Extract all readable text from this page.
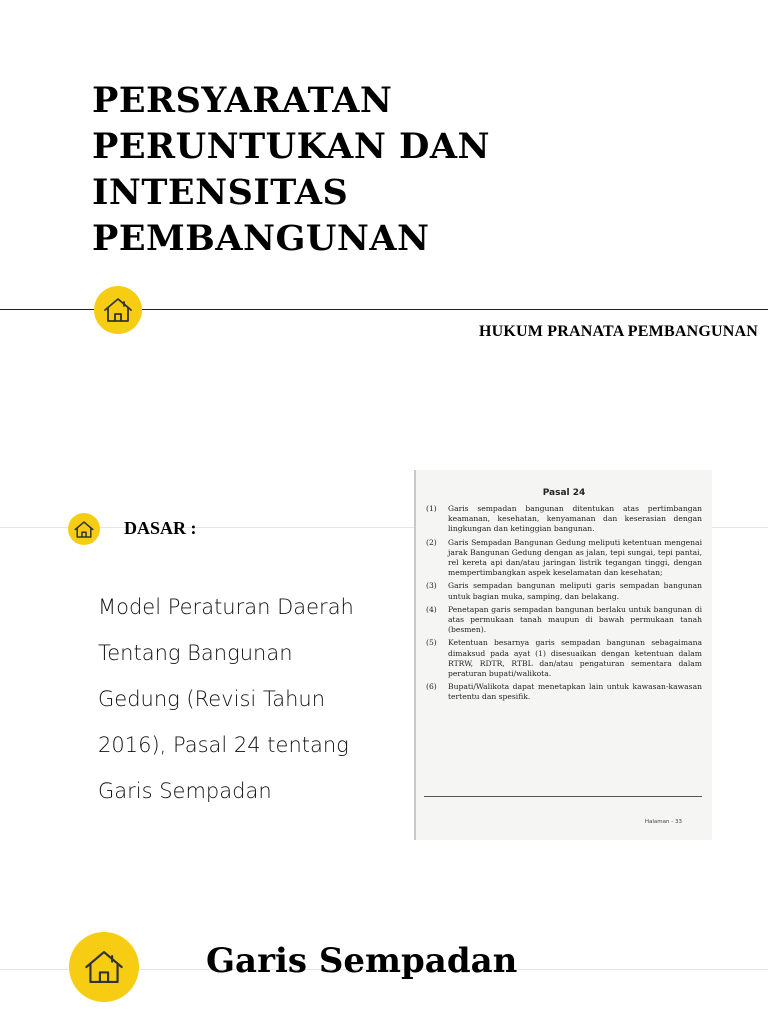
PERSYARATAN
PERUNTUKAN DAN
INTENSITAS
PEMBANGUNAN
HUKUM PRANATA PEMBANGUNAN
DASAR :
Model Peraturan Daerah
Tentang Bangunan
Gedung (Revisi Tahun
2016), Pasal 24 tentang
Garis Sempadan
Pasal 24
(1)	Garis sempadan bangunan ditentukan atas pertimbangan keamanan, kesehatan, kenyamanan dan keserasian dengan lingkungan dan ketinggian bangunan.
(2)	Garis Sempadan Bangunan Gedung meliputi ketentuan mengenai jarak Bangunan Gedung dengan as jalan, tepi sungai, tepi pantai, rel kereta api dan/atau jaringan listrik tegangan tinggi, dengan mempertimbangkan aspek keselamatan dan kesehatan;
(3)	Garis sempadan bangunan meliputi garis sempadan bangunan untuk bagian muka, samping, dan belakang.
(4)	Penetapan garis sempadan bangunan berlaku untuk bangunan di atas permukaan tanah maupun di bawah permukaan tanah (besmen).
(5)	Ketentuan besarnya garis sempadan bangunan sebagaimana dimaksud pada ayat (1) disesuaikan dengan ketentuan dalam RTRW, RDTR, RTBL dan/atau pengaturan sementara dalam peraturan bupati/walikota.
(6)	Bupati/Walikota dapat menetapkan lain untuk kawasan-kawasan tertentu dan spesifik.
Halaman - 33
Garis Sempadan
